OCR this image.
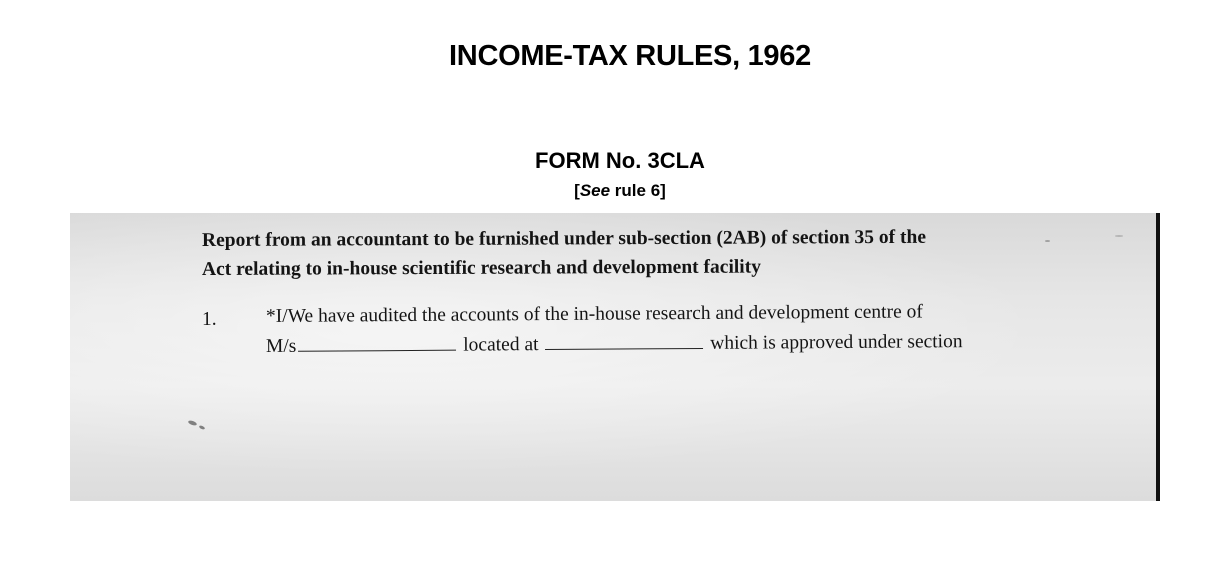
INCOME-TAX RULES, 1962
FORM No. 3CLA
[See rule 6]
Report from an accountant to be furnished under sub-section (2AB) of section 35 of the
Act relating to in-house scientific research and development facility
1.	*I/We have audited the accounts of the in-house research and development centre of
M/s	located at	which is approved under section
